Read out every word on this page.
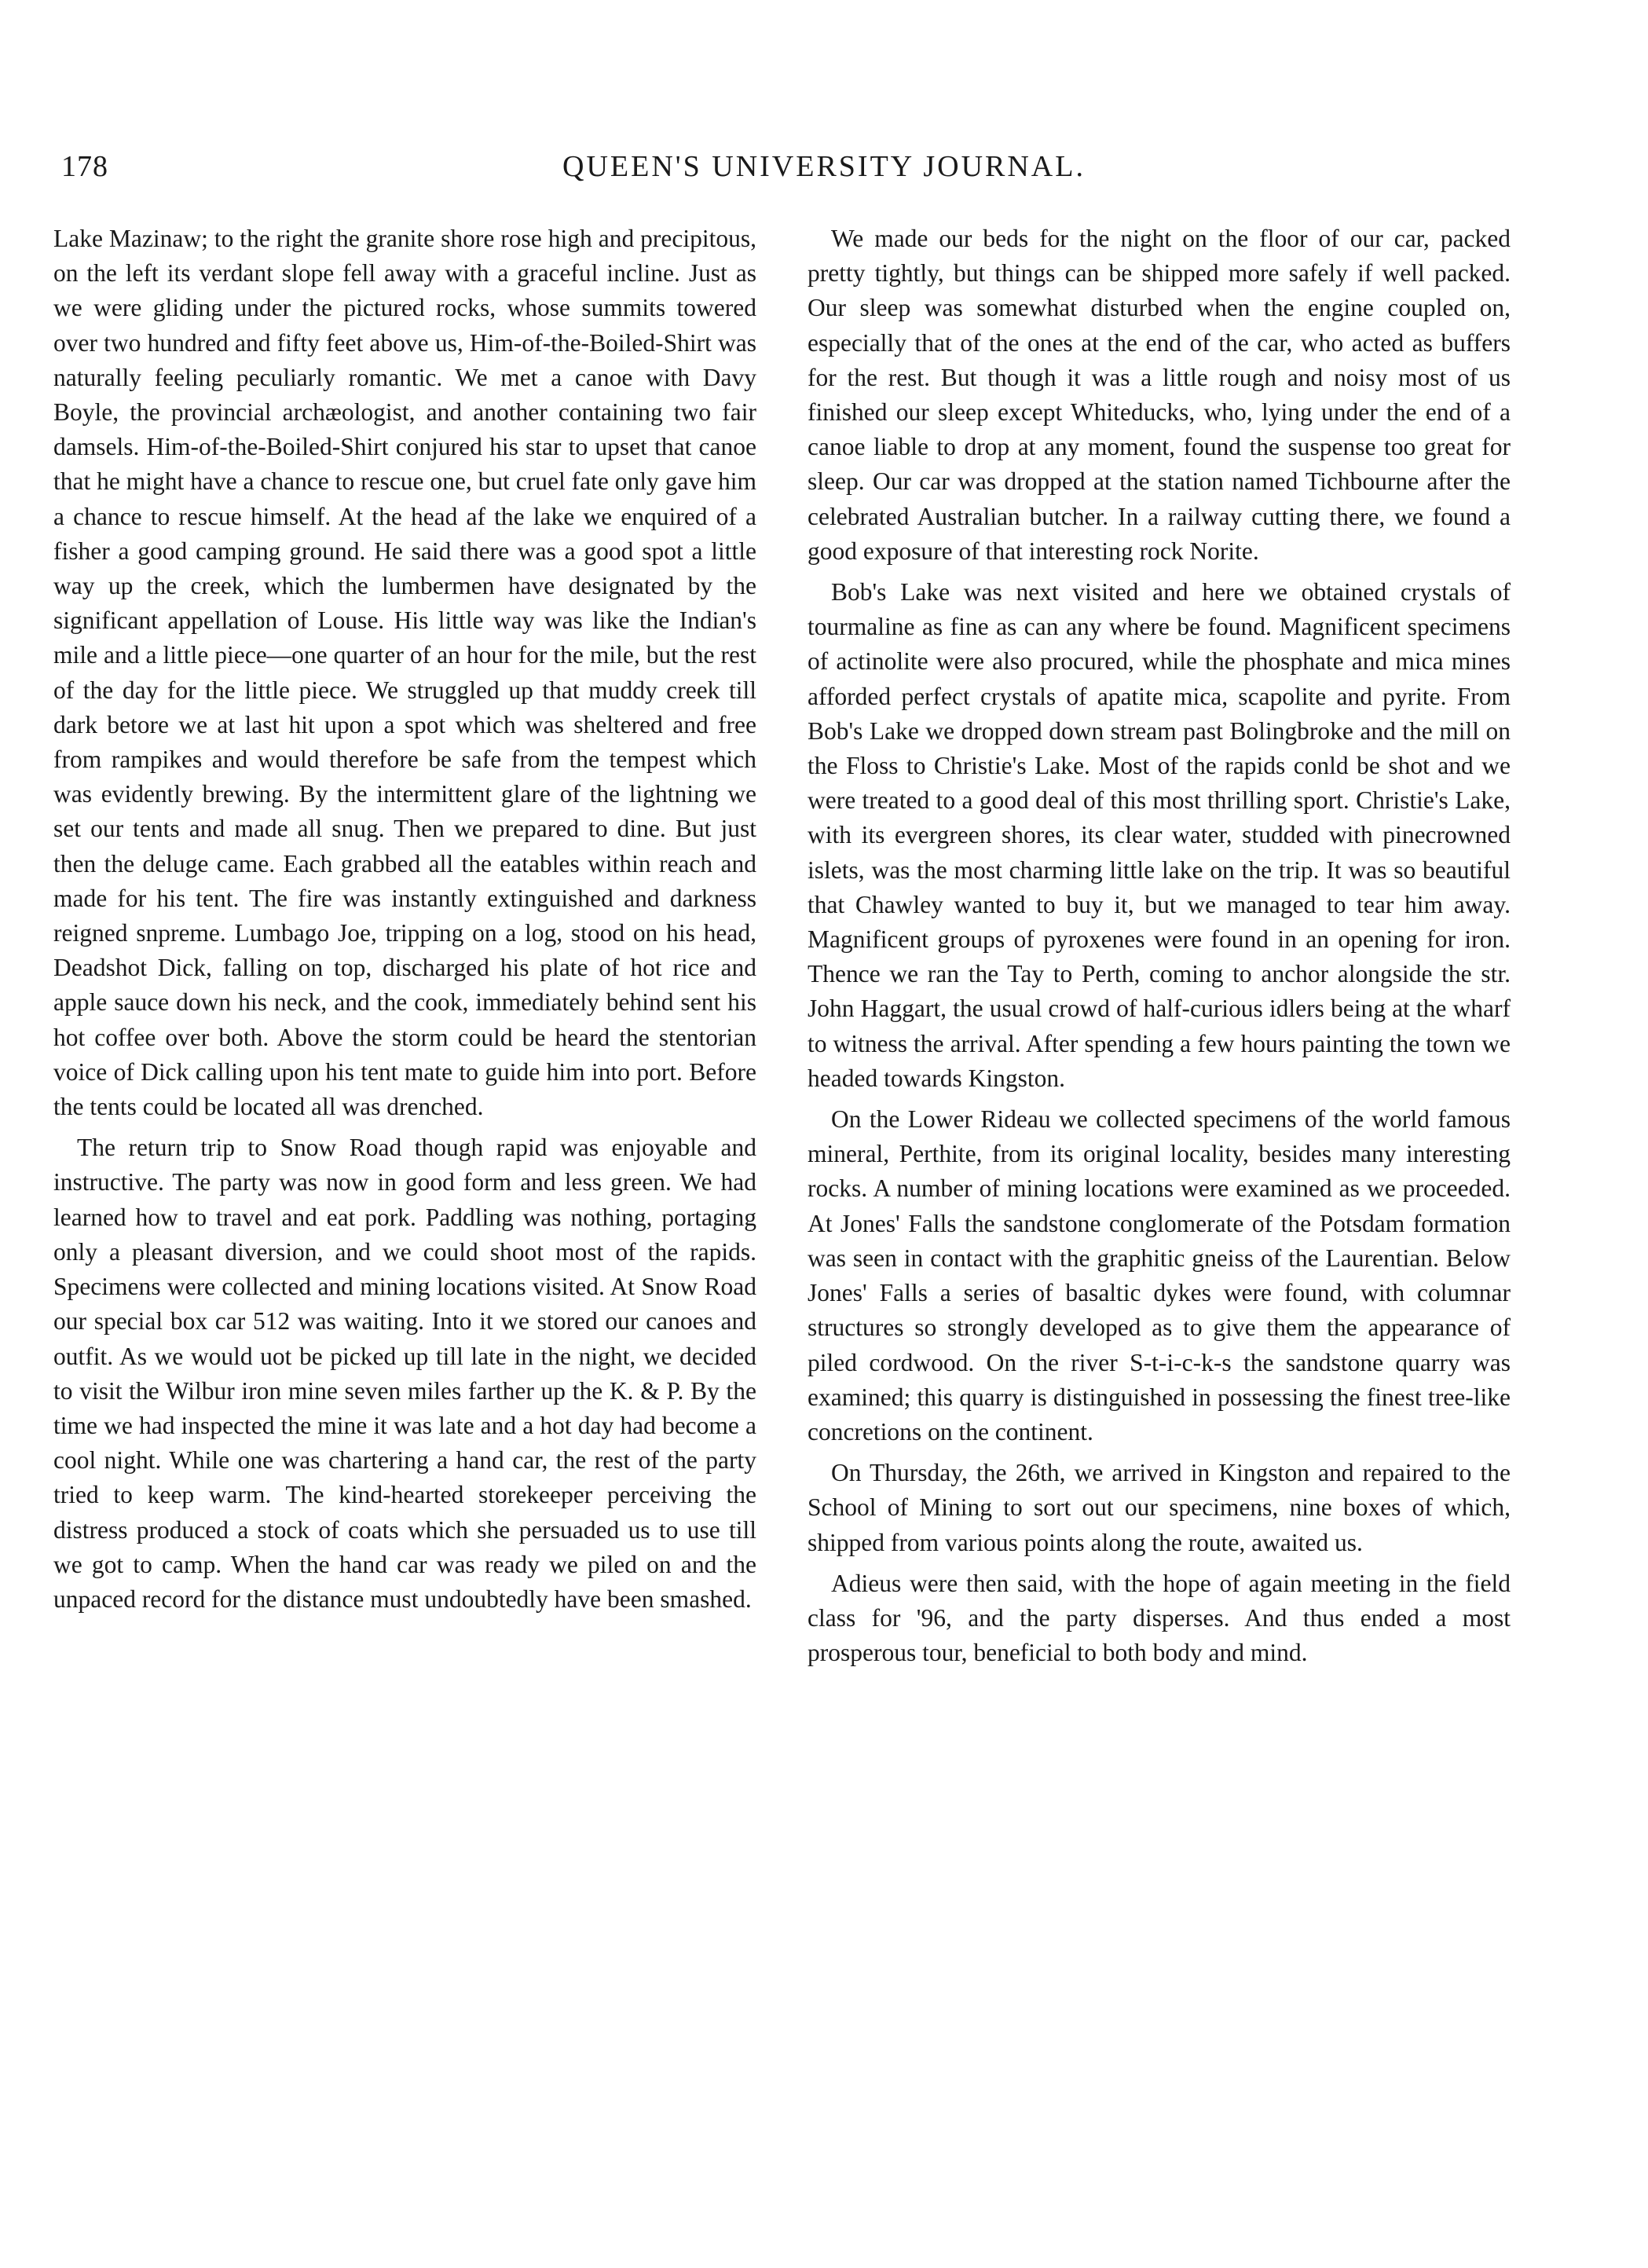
178	QUEEN'S UNIVERSITY JOURNAL.

Lake Mazinaw; to the right the granite shore rose high and precipitous, on the left its verdant slope fell away with a graceful incline. Just as we were gliding under the pictured rocks, whose summits towered over two hundred and fifty feet above us, Him-of-the-Boiled-Shirt was naturally feeling peculiarly romantic. We met a canoe with Davy Boyle, the provincial archæologist, and another containing two fair damsels. Him-of-the-Boiled-Shirt conjured his star to upset that canoe that he might have a chance to rescue one, but cruel fate only gave him a chance to rescue himself. At the head af the lake we enquired of a fisher a good camping ground. He said there was a good spot a little way up the creek, which the lumbermen have designated by the significant appellation of Louse. His little way was like the Indian's mile and a little piece—one quarter of an hour for the mile, but the rest of the day for the little piece. We struggled up that muddy creek till dark betore we at last hit upon a spot which was sheltered and free from rampikes and would therefore be safe from the tempest which was evidently brewing. By the intermittent glare of the lightning we set our tents and made all snug. Then we prepared to dine. But just then the deluge came. Each grabbed all the eatables within reach and made for his tent. The fire was instantly extinguished and darkness reigned snpreme. Lumbago Joe, tripping on a log, stood on his head, Deadshot Dick, falling on top, discharged his plate of hot rice and apple sauce down his neck, and the cook, immediately behind sent his hot coffee over both. Above the storm could be heard the stentorian voice of Dick calling upon his tent mate to guide him into port. Before the tents could be located all was drenched.

The return trip to Snow Road though rapid was enjoyable and instructive. The party was now in good form and less green. We had learned how to travel and eat pork. Paddling was nothing, portaging only a pleasant diversion, and we could shoot most of the rapids. Specimens were collected and mining locations visited. At Snow Road our special box car 512 was waiting. Into it we stored our canoes and outfit. As we would uot be picked up till late in the night, we decided to visit the Wilbur iron mine seven miles farther up the K. & P. By the time we had inspected the mine it was late and a hot day had become a cool night. While one was chartering a hand car, the rest of the party tried to keep warm. The kind-hearted storekeeper perceiving the distress produced a stock of coats which she persuaded us to use till we got to camp. When the hand car was ready we piled on and the unpaced record for the distance must undoubtedly have been smashed.

We made our beds for the night on the floor of our car, packed pretty tightly, but things can be shipped more safely if well packed. Our sleep was somewhat disturbed when the engine coupled on, especially that of the ones at the end of the car, who acted as buffers for the rest. But though it was a little rough and noisy most of us finished our sleep except Whiteducks, who, lying under the end of a canoe liable to drop at any moment, found the suspense too great for sleep. Our car was dropped at the station named Tichbourne after the celebrated Australian butcher. In a railway cutting there, we found a good exposure of that interesting rock Norite.

Bob's Lake was next visited and here we obtained crystals of tourmaline as fine as can any where be found. Magnificent specimens of actinolite were also procured, while the phosphate and mica mines afforded perfect crystals of apatite mica, scapolite and pyrite. From Bob's Lake we dropped down stream past Bolingbroke and the mill on the Floss to Christie's Lake. Most of the rapids conld be shot and we were treated to a good deal of this most thrilling sport. Christie's Lake, with its evergreen shores, its clear water, studded with pinecrowned islets, was the most charming little lake on the trip. It was so beautiful that Chawley wanted to buy it, but we managed to tear him away. Magnificent groups of pyroxenes were found in an opening for iron. Thence we ran the Tay to Perth, coming to anchor alongside the str. John Haggart, the usual crowd of half-curious idlers being at the wharf to witness the arrival. After spending a few hours painting the town we headed towards Kingston.

On the Lower Rideau we collected specimens of the world famous mineral, Perthite, from its original locality, besides many interesting rocks. A number of mining locations were examined as we proceeded. At Jones' Falls the sandstone conglomerate of the Potsdam formation was seen in contact with the graphitic gneiss of the Laurentian. Below Jones' Falls a series of basaltic dykes were found, with columnar structures so strongly developed as to give them the appearance of piled cordwood. On the river S-t-i-c-k-s the sandstone quarry was examined; this quarry is distinguished in possessing the finest tree-like concretions on the continent.

On Thursday, the 26th, we arrived in Kingston and repaired to the School of Mining to sort out our specimens, nine boxes of which, shipped from various points along the route, awaited us.

Adieus were then said, with the hope of again meeting in the field class for '96, and the party disperses. And thus ended a most prosperous tour, beneficial to both body and mind.
